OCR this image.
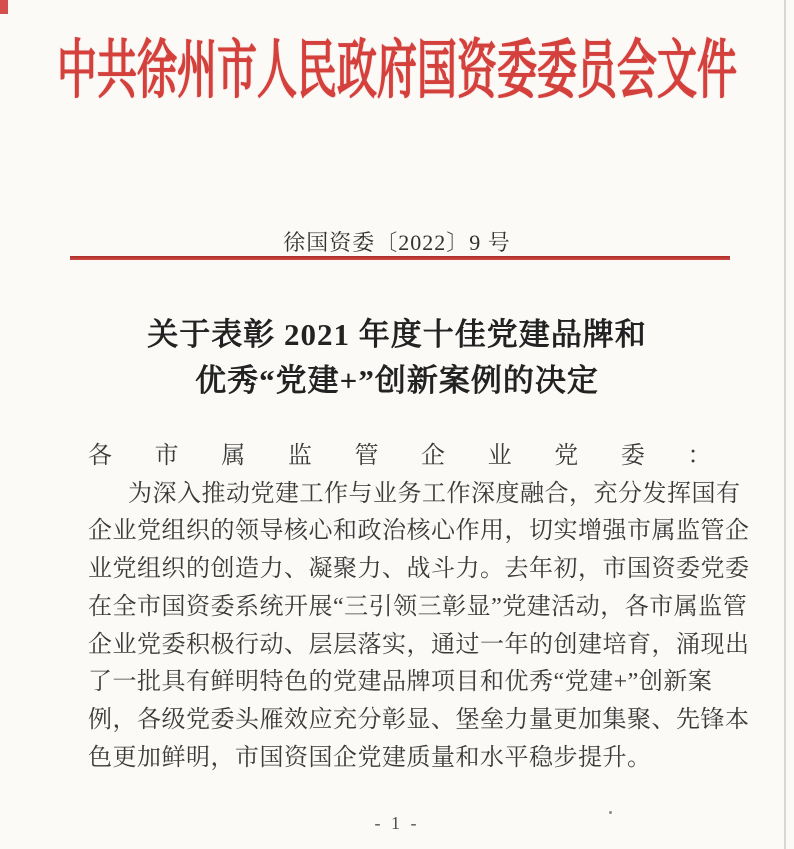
中共徐州市人民政府国资委委员会文件
徐国资委〔2022〕9 号
关于表彰 2021 年度十佳党建品牌和
优秀“党建+”创新案例的决定
各市属监管企业党委：
为深入推动党建工作与业务工作深度融合，充分发挥国有
企业党组织的领导核心和政治核心作用，切实增强市属监管企
业党组织的创造力、凝聚力、战斗力。去年初，市国资委党委
在全市国资委系统开展“三引领三彰显”党建活动，各市属监管
企业党委积极行动、层层落实，通过一年的创建培育，涌现出
了一批具有鲜明特色的党建品牌项目和优秀“党建+”创新案
例，各级党委头雁效应充分彰显、堡垒力量更加集聚、先锋本
色更加鲜明，市国资国企党建质量和水平稳步提升。
- 1 -
